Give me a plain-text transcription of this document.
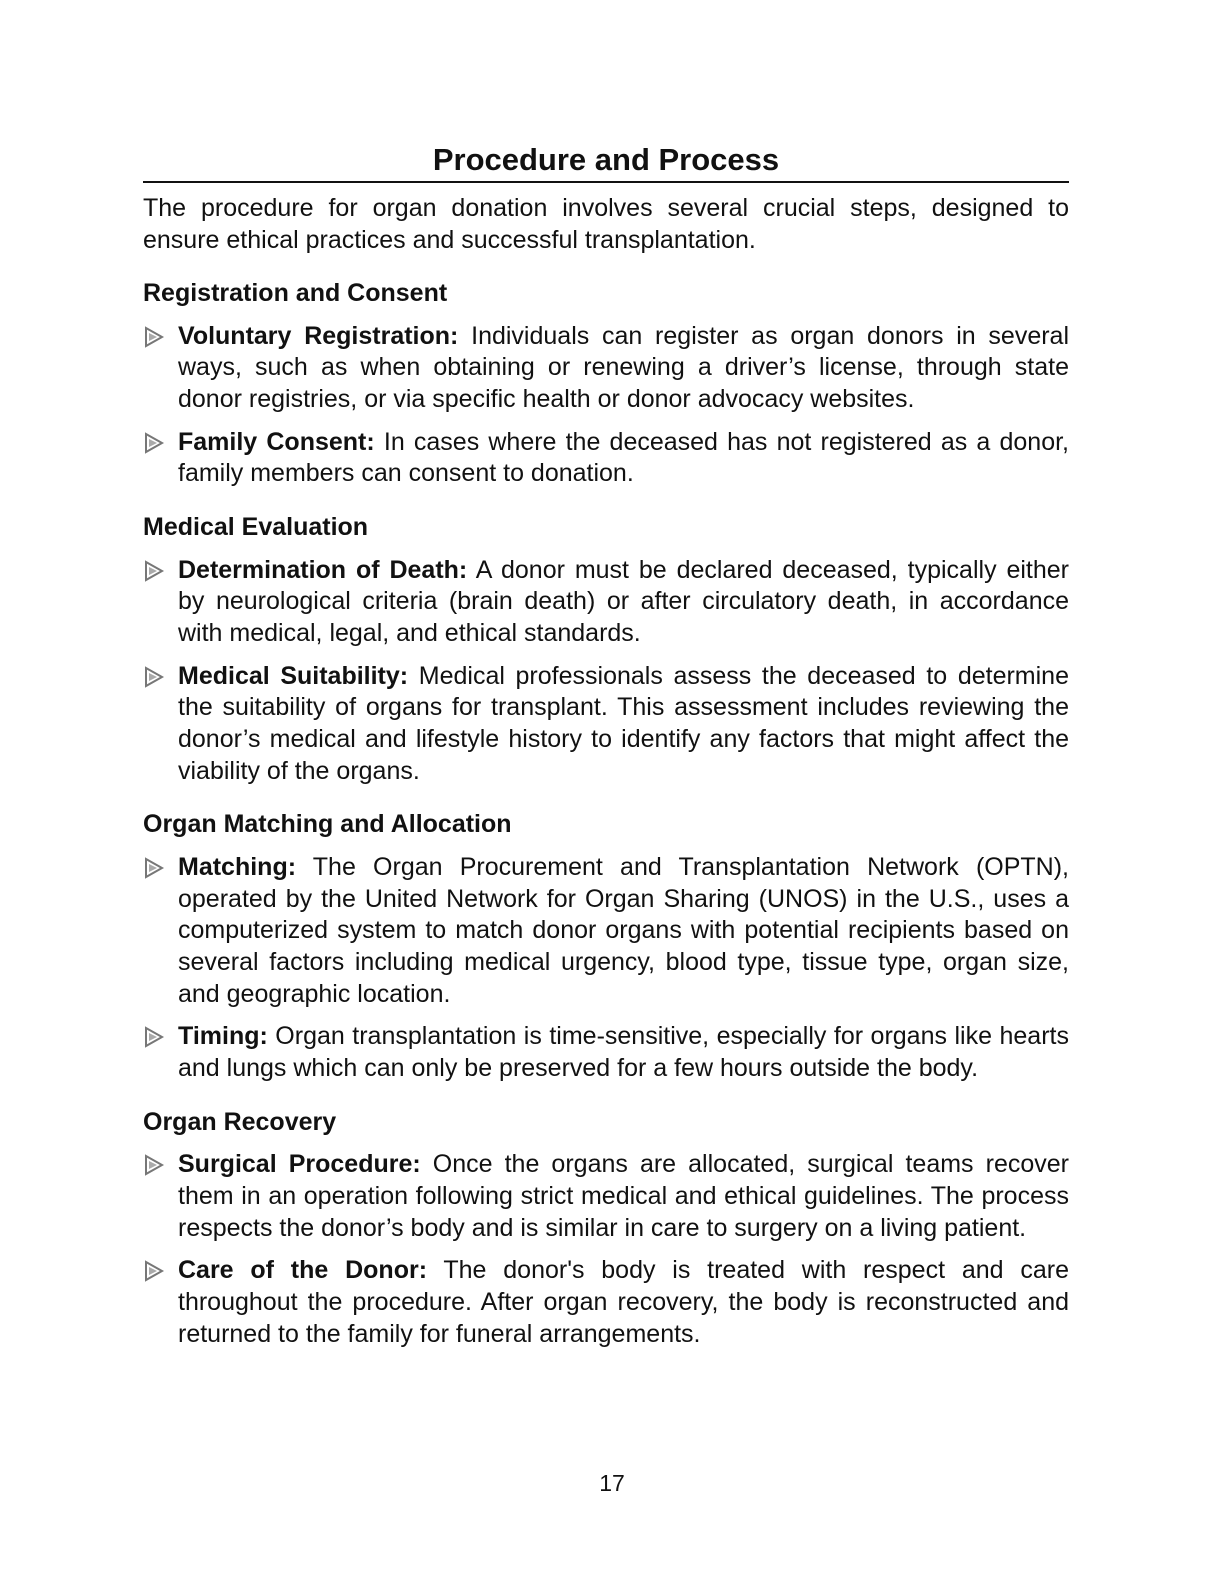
Procedure and Process

The procedure for organ donation involves several crucial steps, designed to ensure ethical practices and successful transplantation.

Registration and Consent
Voluntary Registration: Individuals can register as organ donors in several ways, such as when obtaining or renewing a driver’s license, through state donor registries, or via specific health or donor advocacy websites.
Family Consent: In cases where the deceased has not registered as a donor, family members can consent to donation.
Medical Evaluation
Determination of Death: A donor must be declared deceased, typically either by neurological criteria (brain death) or after circulatory death, in accordance with medical, legal, and ethical standards.
Medical Suitability: Medical professionals assess the deceased to determine the suitability of organs for transplant. This assessment includes reviewing the donor’s medical and lifestyle history to identify any factors that might affect the viability of the organs.
Organ Matching and Allocation
Matching: The Organ Procurement and Transplantation Network (OPTN), operated by the United Network for Organ Sharing (UNOS) in the U.S., uses a computerized system to match donor organs with potential recipients based on several factors including medical urgency, blood type, tissue type, organ size, and geographic location.
Timing: Organ transplantation is time-sensitive, especially for organs like hearts and lungs which can only be preserved for a few hours outside the body.
Organ Recovery
Surgical Procedure: Once the organs are allocated, surgical teams recover them in an operation following strict medical and ethical guidelines. The process respects the donor’s body and is similar in care to surgery on a living patient.
Care of the Donor: The donor's body is treated with respect and care throughout the procedure. After organ recovery, the body is reconstructed and returned to the family for funeral arrangements.
17
